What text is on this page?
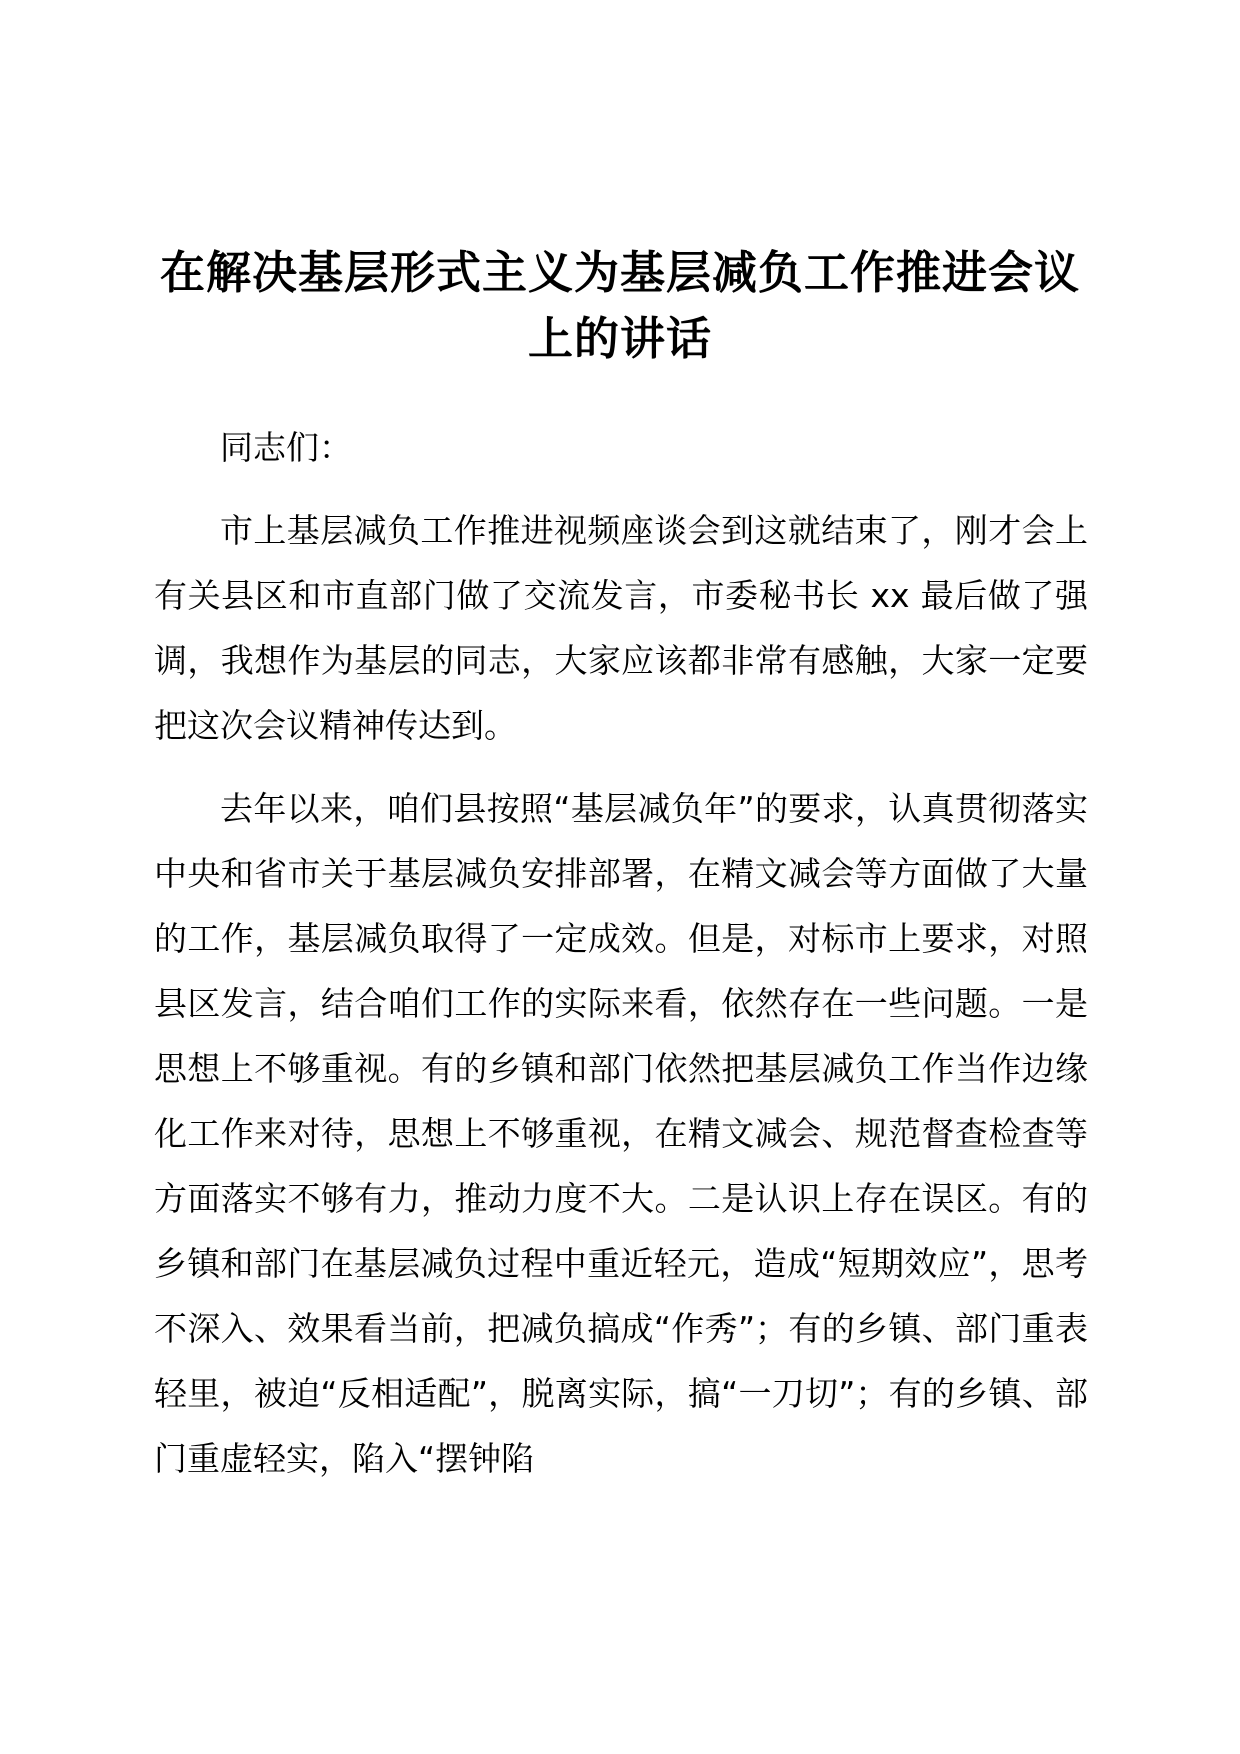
在解决基层形式主义为基层减负工作推进会议上的讲话

同志们：

市上基层减负工作推进视频座谈会到这就结束了，刚才会上有关县区和市直部门做了交流发言，市委秘书长 xx 最后做了强调，我想作为基层的同志，大家应该都非常有感触，大家一定要把这次会议精神传达到。

去年以来，咱们县按照“基层减负年”的要求，认真贯彻落实中央和省市关于基层减负安排部署，在精文减会等方面做了大量的工作，基层减负取得了一定成效。但是，对标市上要求，对照县区发言，结合咱们工作的实际来看，依然存在一些问题。一是思想上不够重视。有的乡镇和部门依然把基层减负工作当作边缘化工作来对待，思想上不够重视，在精文减会、规范督查检查等方面落实不够有力，推动力度不大。二是认识上存在误区。有的乡镇和部门在基层减负过程中重近轻元，造成“短期效应”，思考不深入、效果看当前，把减负搞成“作秀”；有的乡镇、部门重表轻里，被迫“反相适配”，脱离实际，搞“一刀切”；有的乡镇、部门重虚轻实，陷入“摆钟陷
